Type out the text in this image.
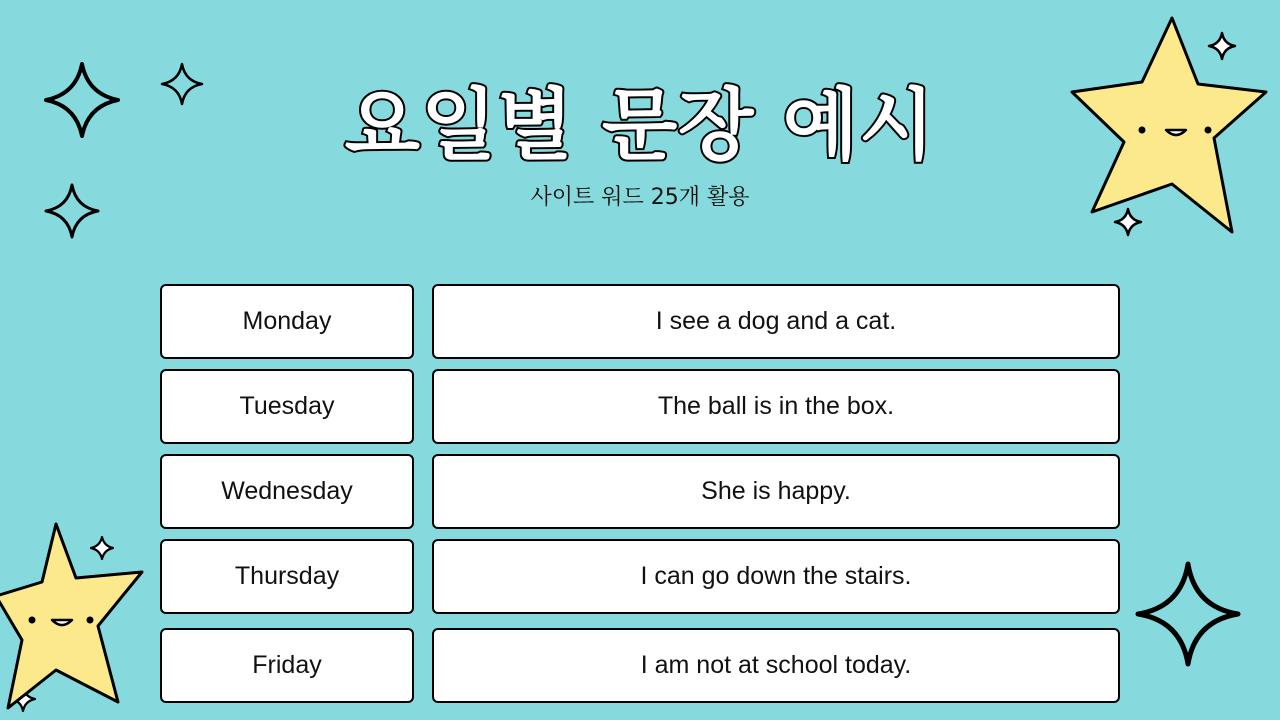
요일별 문장 예시
사이트 워드 25개 활용
Monday	I see a dog and a cat.
Tuesday	The ball is in the box.
Wednesday	She is happy.
Thursday	I can go down the stairs.
Friday	I am not at school today.
